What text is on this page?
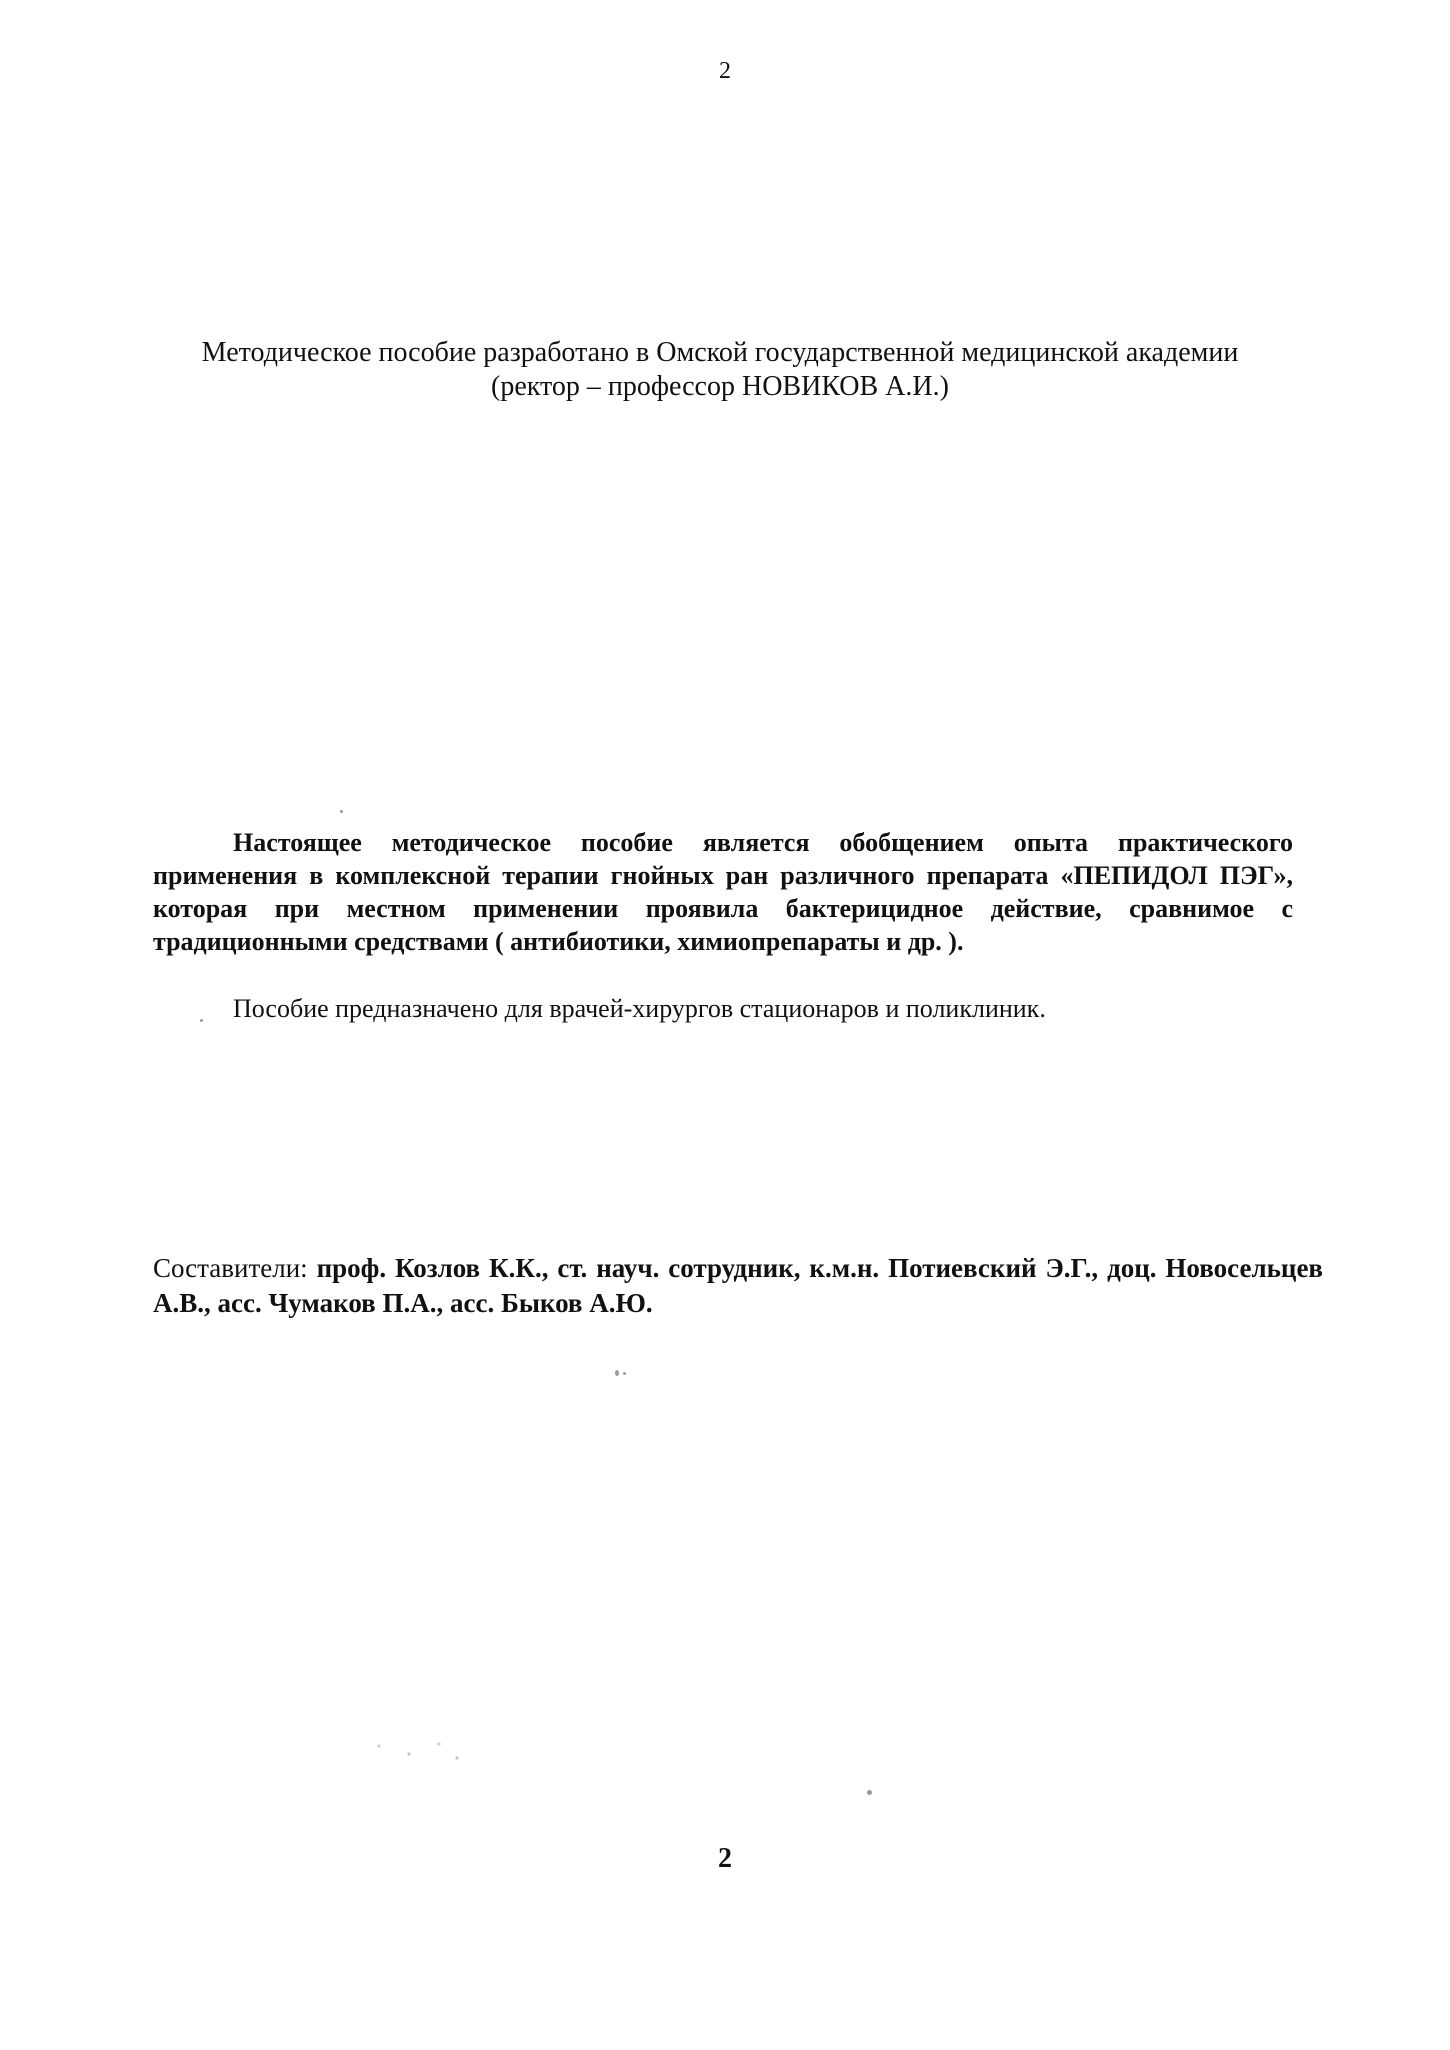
2
Методическое пособие разработано в Омской государственной медицинской академии
(ректор – профессор НОВИКОВ А.И.)

Настоящее методическое пособие является обобщением опыта практического применения в комплексной терапии гнойных ран различного препарата «ПЕПИДОЛ ПЭГ», которая при местном применении проявила бактерицидное действие, сравнимое с традиционными средствами ( антибиотики, химиопрепараты и др. ).

Пособие предназначено для врачей-хирургов стационаров и поликлиник.
Составители: проф. Козлов К.К., ст. науч. сотрудник, к.м.н. Потиевский Э.Г., доц. Новосельцев А.В., асс. Чумаков П.А., асс. Быков А.Ю.
2
